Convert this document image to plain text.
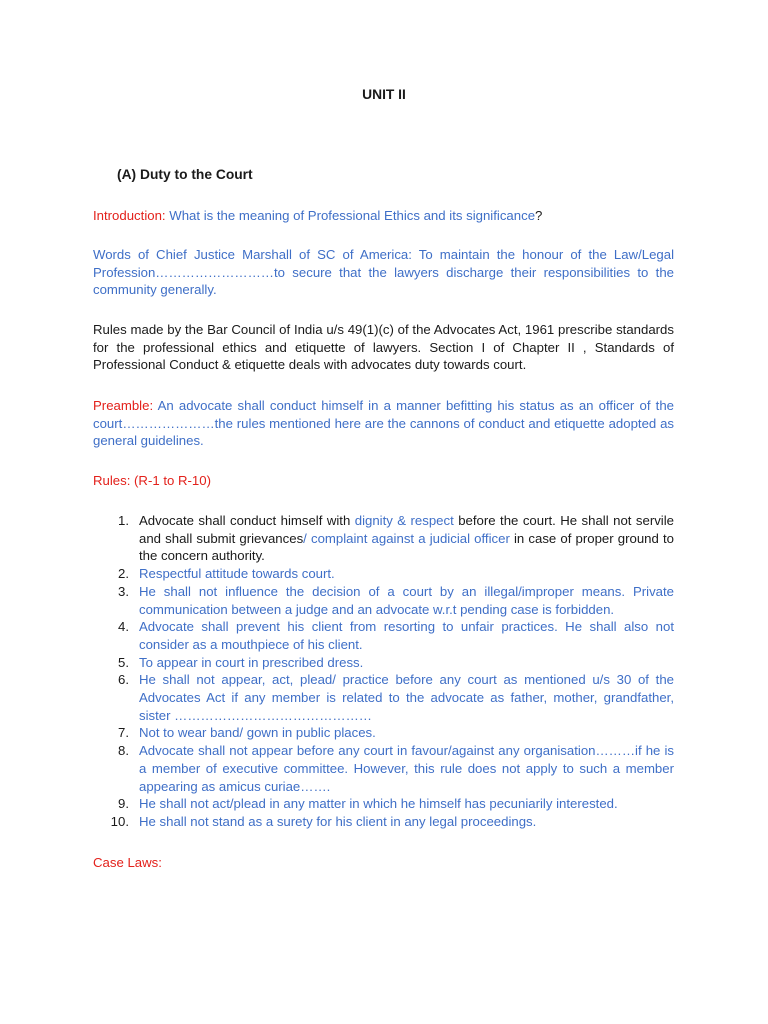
UNIT II
(A) Duty to the Court
Introduction: What is the meaning of Professional Ethics and its significance?
Words of Chief Justice Marshall of SC of America: To maintain the honour of the Law/Legal Profession………………………to secure that the lawyers discharge their responsibilities to the community generally.
Rules made by the Bar Council of India u/s 49(1)(c) of the Advocates Act, 1961 prescribe standards for the professional ethics and etiquette of lawyers. Section I of Chapter II , Standards of Professional Conduct & etiquette deals with advocates duty towards court.
Preamble: An advocate shall conduct himself in a manner befitting his status as an officer of the court…………………the rules mentioned here are the cannons of conduct and etiquette adopted as general guidelines.
Rules: (R-1 to R-10)
1. Advocate shall conduct himself with dignity & respect before the court. He shall not servile and shall submit grievances/ complaint against a judicial officer in case of proper ground to the concern authority.
2. Respectful attitude towards court.
3. He shall not influence the decision of a court by an illegal/improper means. Private communication between a judge and an advocate w.r.t pending case is forbidden.
4. Advocate shall prevent his client from resorting to unfair practices. He shall also not consider as a mouthpiece of his client.
5. To appear in court in prescribed dress.
6. He shall not appear, act, plead/ practice before any court as mentioned u/s 30 of the Advocates Act if any member is related to the advocate as father, mother, grandfather, sister ………………………………………
7. Not to wear band/ gown in public places.
8. Advocate shall not appear before any court in favour/against any organisation………if he is a member of executive committee. However, this rule does not apply to such a member appearing as amicus curiae…….
9. He shall not act/plead in any matter in which he himself has pecuniarily interested.
10. He shall not stand as a surety for his client in any legal proceedings.
Case Laws:
